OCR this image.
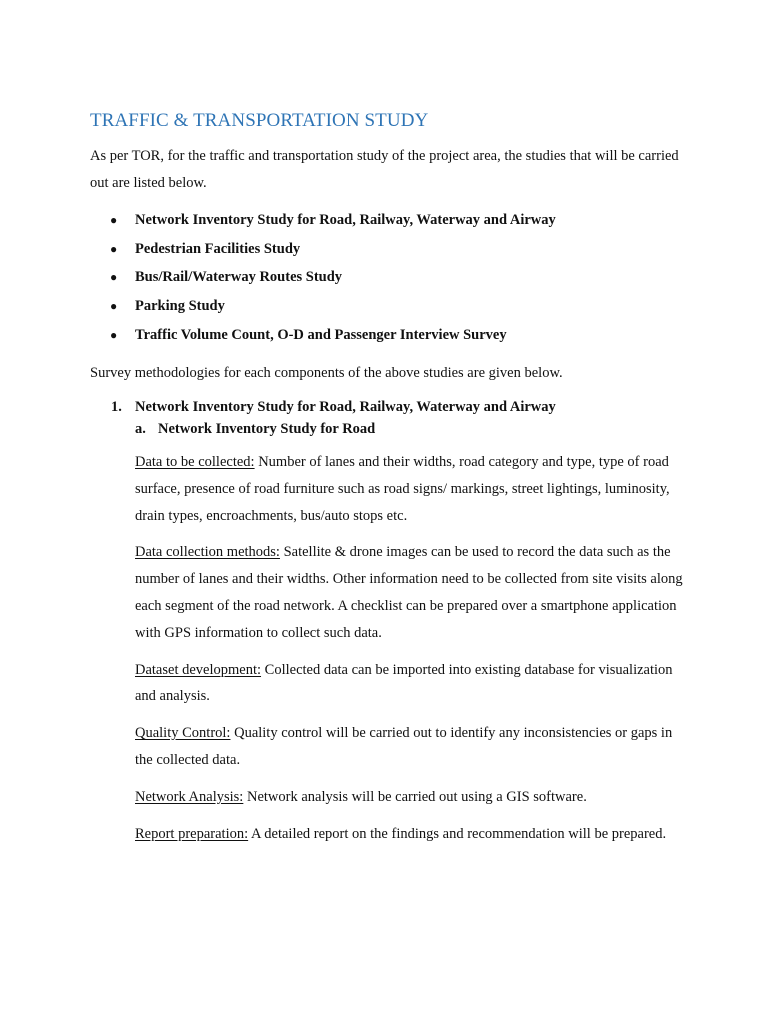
TRAFFIC & TRANSPORTATION STUDY

As per TOR, for the traffic and transportation study of the project area, the studies that will be carried out are listed below.

● Network Inventory Study for Road, Railway, Waterway and Airway
● Pedestrian Facilities Study
● Bus/Rail/Waterway Routes Study
● Parking Study
● Traffic Volume Count, O-D and Passenger Interview Survey

Survey methodologies for each components of the above studies are given below.

1. Network Inventory Study for Road, Railway, Waterway and Airway
a. Network Inventory Study for Road

Data to be collected: Number of lanes and their widths, road category and type, type of road surface, presence of road furniture such as road signs/ markings, street lightings, luminosity, drain types, encroachments, bus/auto stops etc.

Data collection methods: Satellite & drone images can be used to record the data such as the number of lanes and their widths. Other information need to be collected from site visits along each segment of the road network. A checklist can be prepared over a smartphone application with GPS information to collect such data.

Dataset development: Collected data can be imported into existing database for visualization and analysis.

Quality Control: Quality control will be carried out to identify any inconsistencies or gaps in the collected data.

Network Analysis: Network analysis will be carried out using a GIS software.

Report preparation: A detailed report on the findings and recommendation will be prepared.
